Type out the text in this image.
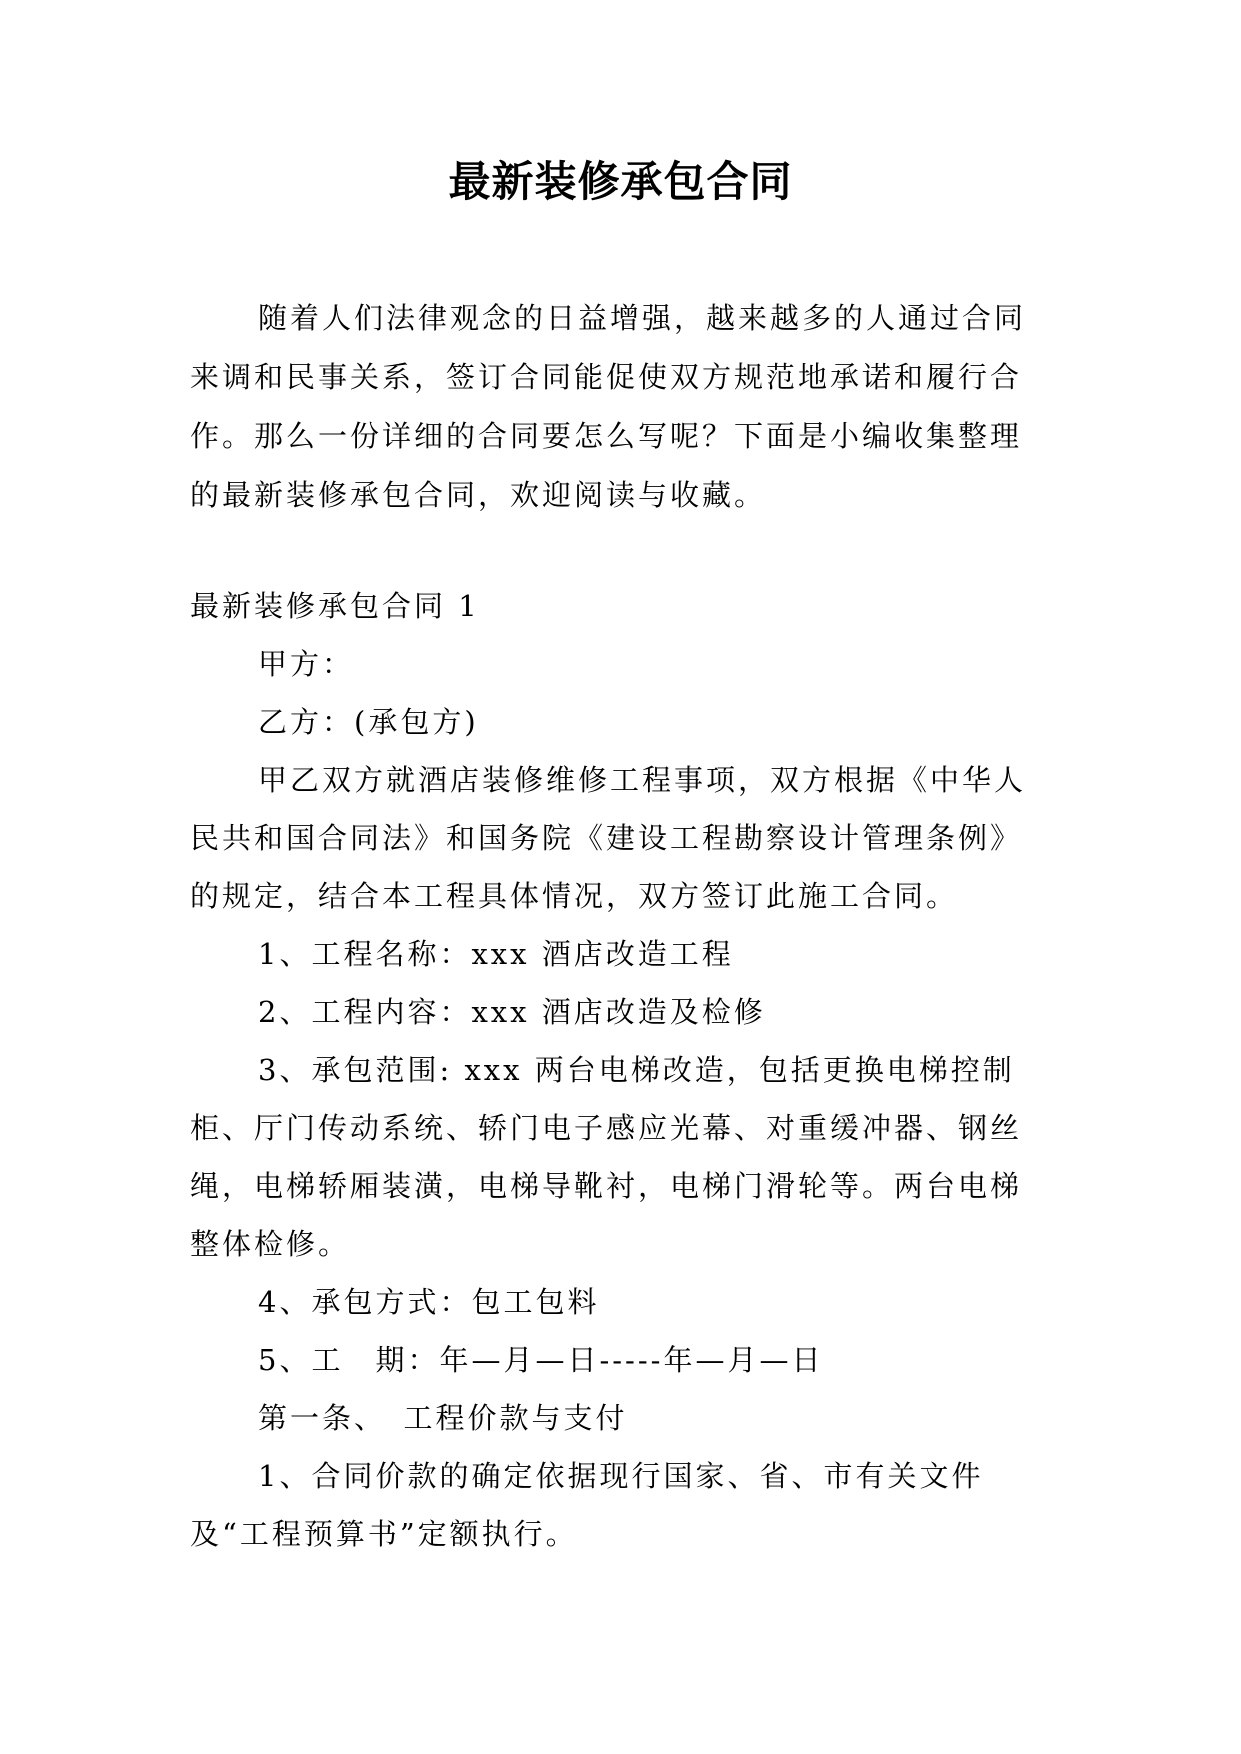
最新装修承包合同
随着人们法律观念的日益增强，越来越多的人通过合同来调和民事关系，签订合同能促使双方规范地承诺和履行合作。那么一份详细的合同要怎么写呢？下面是小编收集整理的最新装修承包合同，欢迎阅读与收藏。

最新装修承包合同 1

甲方：

乙方：(承包方)

甲乙双方就酒店装修维修工程事项，双方根据《中华人民共和国合同法》和国务院《建设工程勘察设计管理条例》的规定，结合本工程具体情况，双方签订此施工合同。

1、工程名称：xxx 酒店改造工程

2、工程内容：xxx 酒店改造及检修

3、承包范围: xxx 两台电梯改造，包括更换电梯控制柜、厅门传动系统、轿门电子感应光幕、对重缓冲器、钢丝绳，电梯轿厢装潢，电梯导靴衬，电梯门滑轮等。两台电梯整体检修。

4、承包方式：包工包料

5、工　期：年—月—日-----年—月—日

第一条、　工程价款与支付

1、合同价款的确定依据现行国家、省、市有关文件及“工程预算书”定额执行。
